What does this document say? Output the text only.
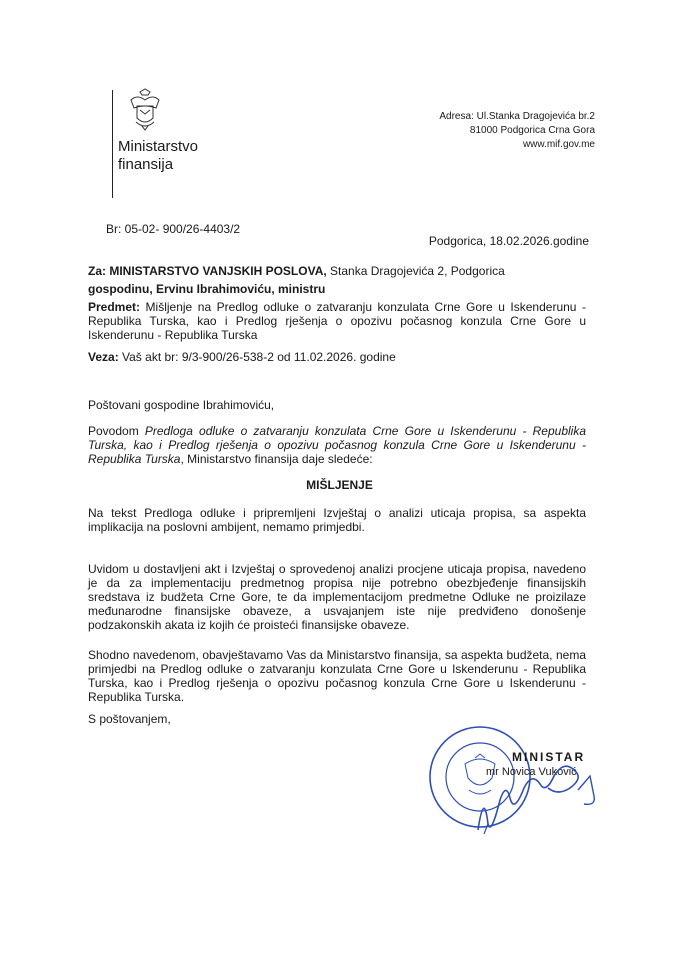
Ministarstvo
finansija
Adresa: Ul.Stanka Dragojevića br.2
81000 Podgorica Crna Gora
www.mif.gov.me
Br: 05-02- 900/26-4403/2
Podgorica, 18.02.2026.godine
Za: MINISTARSTVO VANJSKIH POSLOVA, Stanka Dragojevića 2, Podgorica
gospodinu, Ervinu Ibrahimoviću, ministru
Predmet: Mišljenje na Predlog odluke o zatvaranju konzulata Crne Gore u Iskenderunu - Republika Turska, kao i Predlog rješenja o opozivu počasnog konzula Crne Gore u Iskenderunu - Republika Turska
Veza: Vaš akt br: 9/3-900/26-538-2 od 11.02.2026. godine
Poštovani gospodine Ibrahimoviću,
Povodom Predloga odluke o zatvaranju konzulata Crne Gore u Iskenderunu - Republika Turska, kao i Predlog rješenja o opozivu počasnog konzula Crne Gore u Iskenderunu - Republika Turska, Ministarstvo finansija daje sledeće:
MIŠLJENJE
Na tekst Predloga odluke i pripremljeni Izvještaj o analizi uticaja propisa, sa aspekta implikacija na poslovni ambijent, nemamo primjedbi.
Uvidom u dostavljeni akt i Izvještaj o sprovedenoj analizi procjene uticaja propisa, navedeno je da za implementaciju predmetnog propisa nije potrebno obezbjeđenje finansijskih sredstava iz budžeta Crne Gore, te da implementacijom predmetne Odluke ne proizilaze međunarodne finansijske obaveze, a usvajanjem iste nije predviđeno donošenje podzakonskih akata iz kojih će proisteći finansijske obaveze.
Shodno navedenom, obavještavamo Vas da Ministarstvo finansija, sa aspekta budžeta, nema primjedbi na Predlog odluke o zatvaranju konzulata Crne Gore u Iskenderunu - Republika Turska, kao i Predlog rješenja o opozivu počasnog konzula Crne Gore u Iskenderunu - Republika Turska.
S poštovanjem,
MINISTAR
mr Novica Vuković
